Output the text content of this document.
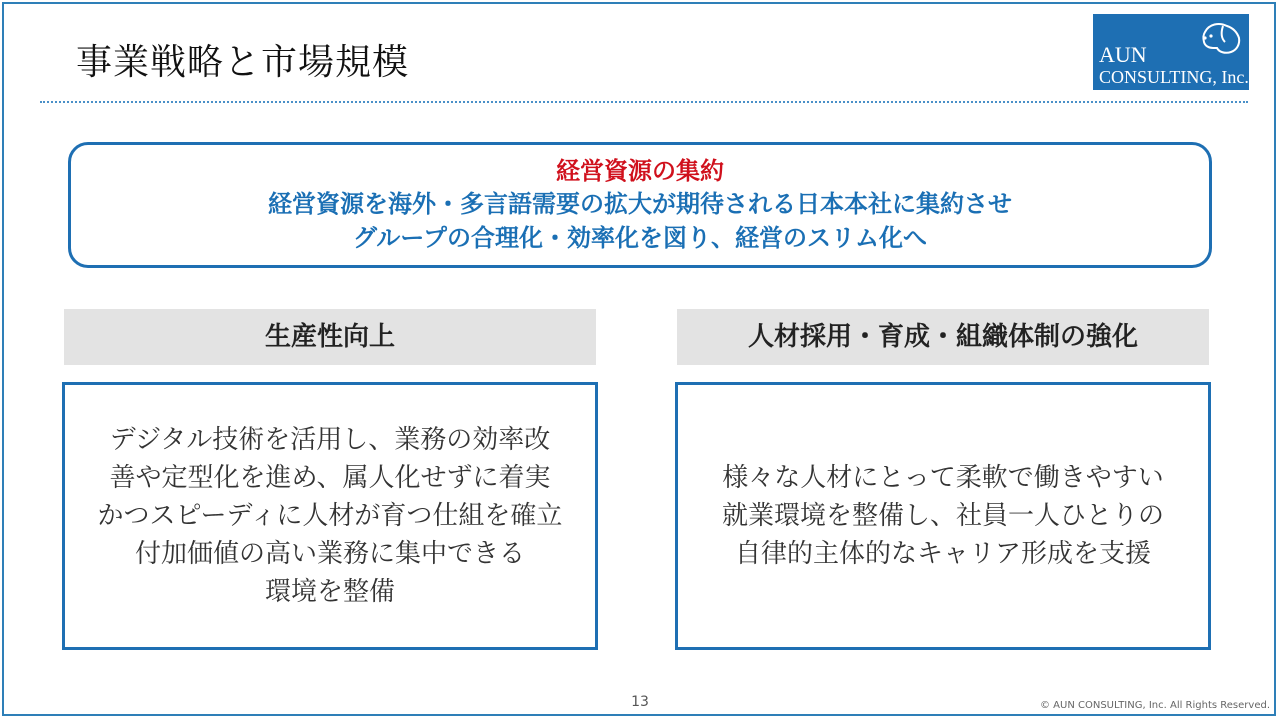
事業戦略と市場規模	AUN
CONSULTING, Inc.
経営資源の集約
経営資源を海外・多言語需要の拡大が期待される日本本社に集約させ
グループの合理化・効率化を図り、経営のスリム化へ
生産性向上	人材採用・育成・組織体制の強化
デジタル技術を活用し、業務の効率改
善や定型化を進め、属人化せずに着実
かつスピーディに人材が育つ仕組を確立
付加価値の高い業務に集中できる
環境を整備
様々な人材にとって柔軟で働きやすい
就業環境を整備し、社員一人ひとりの
自律的主体的なキャリア形成を支援
13	© AUN CONSULTING, Inc. All Rights Reserved.
